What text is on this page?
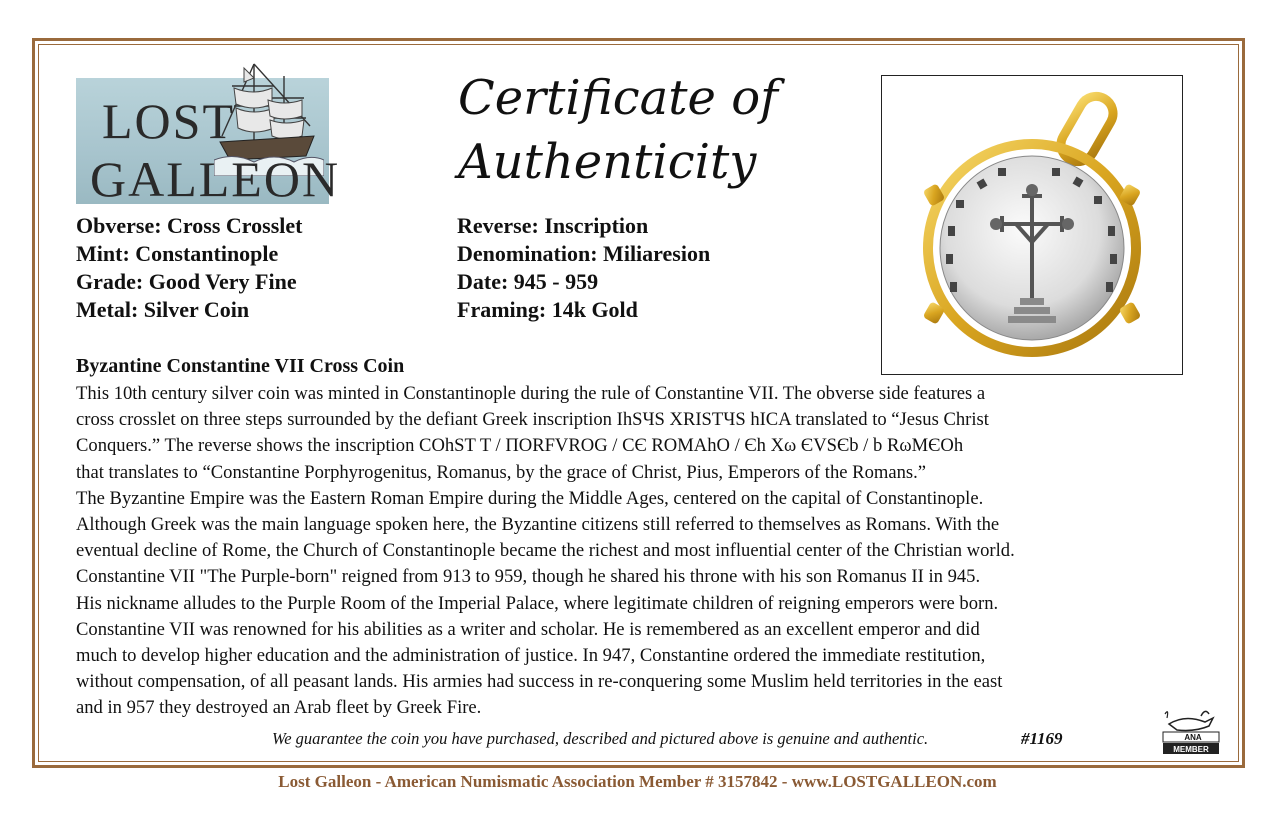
LOST
GALLEON
Certificate of
Authenticity
Obverse: Cross Crosslet
Mint: Constantinople
Grade: Good Very Fine
Metal: Silver Coin
Reverse: Inscription
Denomination: Miliaresion
Date: 945 - 959
Framing: 14k Gold
Byzantine Constantine VII Cross Coin
This 10th century silver coin was minted in Constantinople during the rule of Constantine VII. The obverse side features a
cross crosslet on three steps surrounded by the defiant Greek inscription IhSЧS XRISTЧS hICA translated to “Jesus Christ
Conquers.” The reverse shows the inscription COhST T / ΠORFVROG / CЄ ROMAhO / Єh Xω ЄVSЄb / b RωMЄOh
that translates to “Constantine Porphyrogenitus, Romanus, by the grace of Christ, Pius, Emperors of the Romans.”
The Byzantine Empire was the Eastern Roman Empire during the Middle Ages, centered on the capital of Constantinople.
Although Greek was the main language spoken here, the Byzantine citizens still referred to themselves as Romans. With the
eventual decline of Rome, the Church of Constantinople became the richest and most influential center of the Christian world.
Constantine VII "The Purple-born" reigned from 913 to 959, though he shared his throne with his son Romanus II in 945.
His nickname alludes to the Purple Room of the Imperial Palace, where legitimate children of reigning emperors were born.
Constantine VII was renowned for his abilities as a writer and scholar. He is remembered as an excellent emperor and did
much to develop higher education and the administration of justice. In 947, Constantine ordered the immediate restitution,
without compensation, of all peasant lands. His armies had success in re-conquering some Muslim held territories in the east
and in 957 they destroyed an Arab fleet by Greek Fire.
We guarantee the coin you have purchased, described and pictured above is genuine and authentic.	#1169	ANA
MEMBER
Lost Galleon - American Numismatic Association Member # 3157842 - www.LOSTGALLEON.com
